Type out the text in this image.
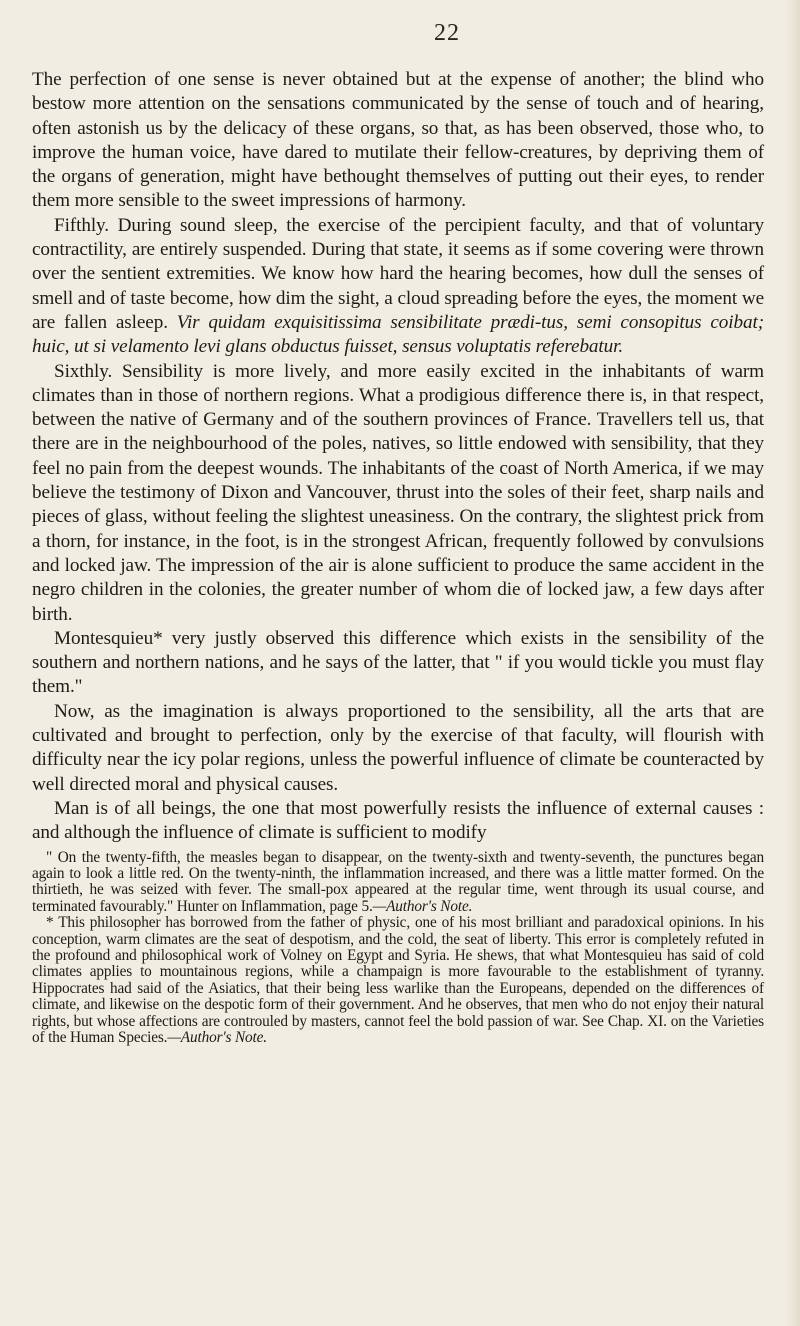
22

The perfection of one sense is never obtained but at the expense of another; the blind who bestow more attention on the sensations communicated by the sense of touch and of hearing, often astonish us by the delicacy of these organs, so that, as has been observed, those who, to improve the human voice, have dared to mutilate their fellow-creatures, by depriving them of the organs of generation, might have bethought themselves of putting out their eyes, to render them more sensible to the sweet impressions of harmony.

Fifthly. During sound sleep, the exercise of the percipient faculty, and that of voluntary contractility, are entirely suspended. During that state, it seems as if some covering were thrown over the sentient extremities. We know how hard the hearing becomes, how dull the senses of smell and of taste become, how dim the sight, a cloud spreading before the eyes, the moment we are fallen asleep. Vir quidam exquisitissima sensibilitate prædi-tus, semi consopitus coibat; huic, ut si velamento levi glans obductus fuisset, sensus voluptatis referebatur.

Sixthly. Sensibility is more lively, and more easily excited in the inhabitants of warm climates than in those of northern regions. What a prodigious difference there is, in that respect, between the native of Germany and of the southern provinces of France. Travellers tell us, that there are in the neighbourhood of the poles, natives, so little endowed with sensibility, that they feel no pain from the deepest wounds. The inhabitants of the coast of North America, if we may believe the testimony of Dixon and Vancouver, thrust into the soles of their feet, sharp nails and pieces of glass, without feeling the slightest uneasiness. On the contrary, the slightest prick from a thorn, for instance, in the foot, is in the strongest African, frequently followed by convulsions and locked jaw. The impression of the air is alone sufficient to produce the same accident in the negro children in the colonies, the greater number of whom die of locked jaw, a few days after birth.

Montesquieu* very justly observed this difference which exists in the sensibility of the southern and northern nations, and he says of the latter, that " if you would tickle you must flay them."

Now, as the imagination is always proportioned to the sensibility, all the arts that are cultivated and brought to perfection, only by the exercise of that faculty, will flourish with difficulty near the icy polar regions, unless the powerful influence of climate be counteracted by well directed moral and physical causes.

Man is of all beings, the one that most powerfully resists the influence of external causes : and although the influence of climate is sufficient to modify

" On the twenty-fifth, the measles began to disappear, on the twenty-sixth and twenty-seventh, the punctures began again to look a little red. On the twenty-ninth, the inflammation increased, and there was a little matter formed. On the thirtieth, he was seized with fever. The small-pox appeared at the regular time, went through its usual course, and terminated favourably." Hunter on Inflammation, page 5.—Author's Note.

* This philosopher has borrowed from the father of physic, one of his most brilliant and paradoxical opinions. In his conception, warm climates are the seat of despotism, and the cold, the seat of liberty. This error is completely refuted in the profound and philosophical work of Volney on Egypt and Syria. He shews, that what Montesquieu has said of cold climates applies to mountainous regions, while a champaign is more favourable to the establishment of tyranny. Hippocrates had said of the Asiatics, that their being less warlike than the Europeans, depended on the differences of climate, and likewise on the despotic form of their government. And he observes, that men who do not enjoy their natural rights, but whose affections are controuled by masters, cannot feel the bold passion of war. See Chap. XI. on the Varieties of the Human Species.—Author's Note.
